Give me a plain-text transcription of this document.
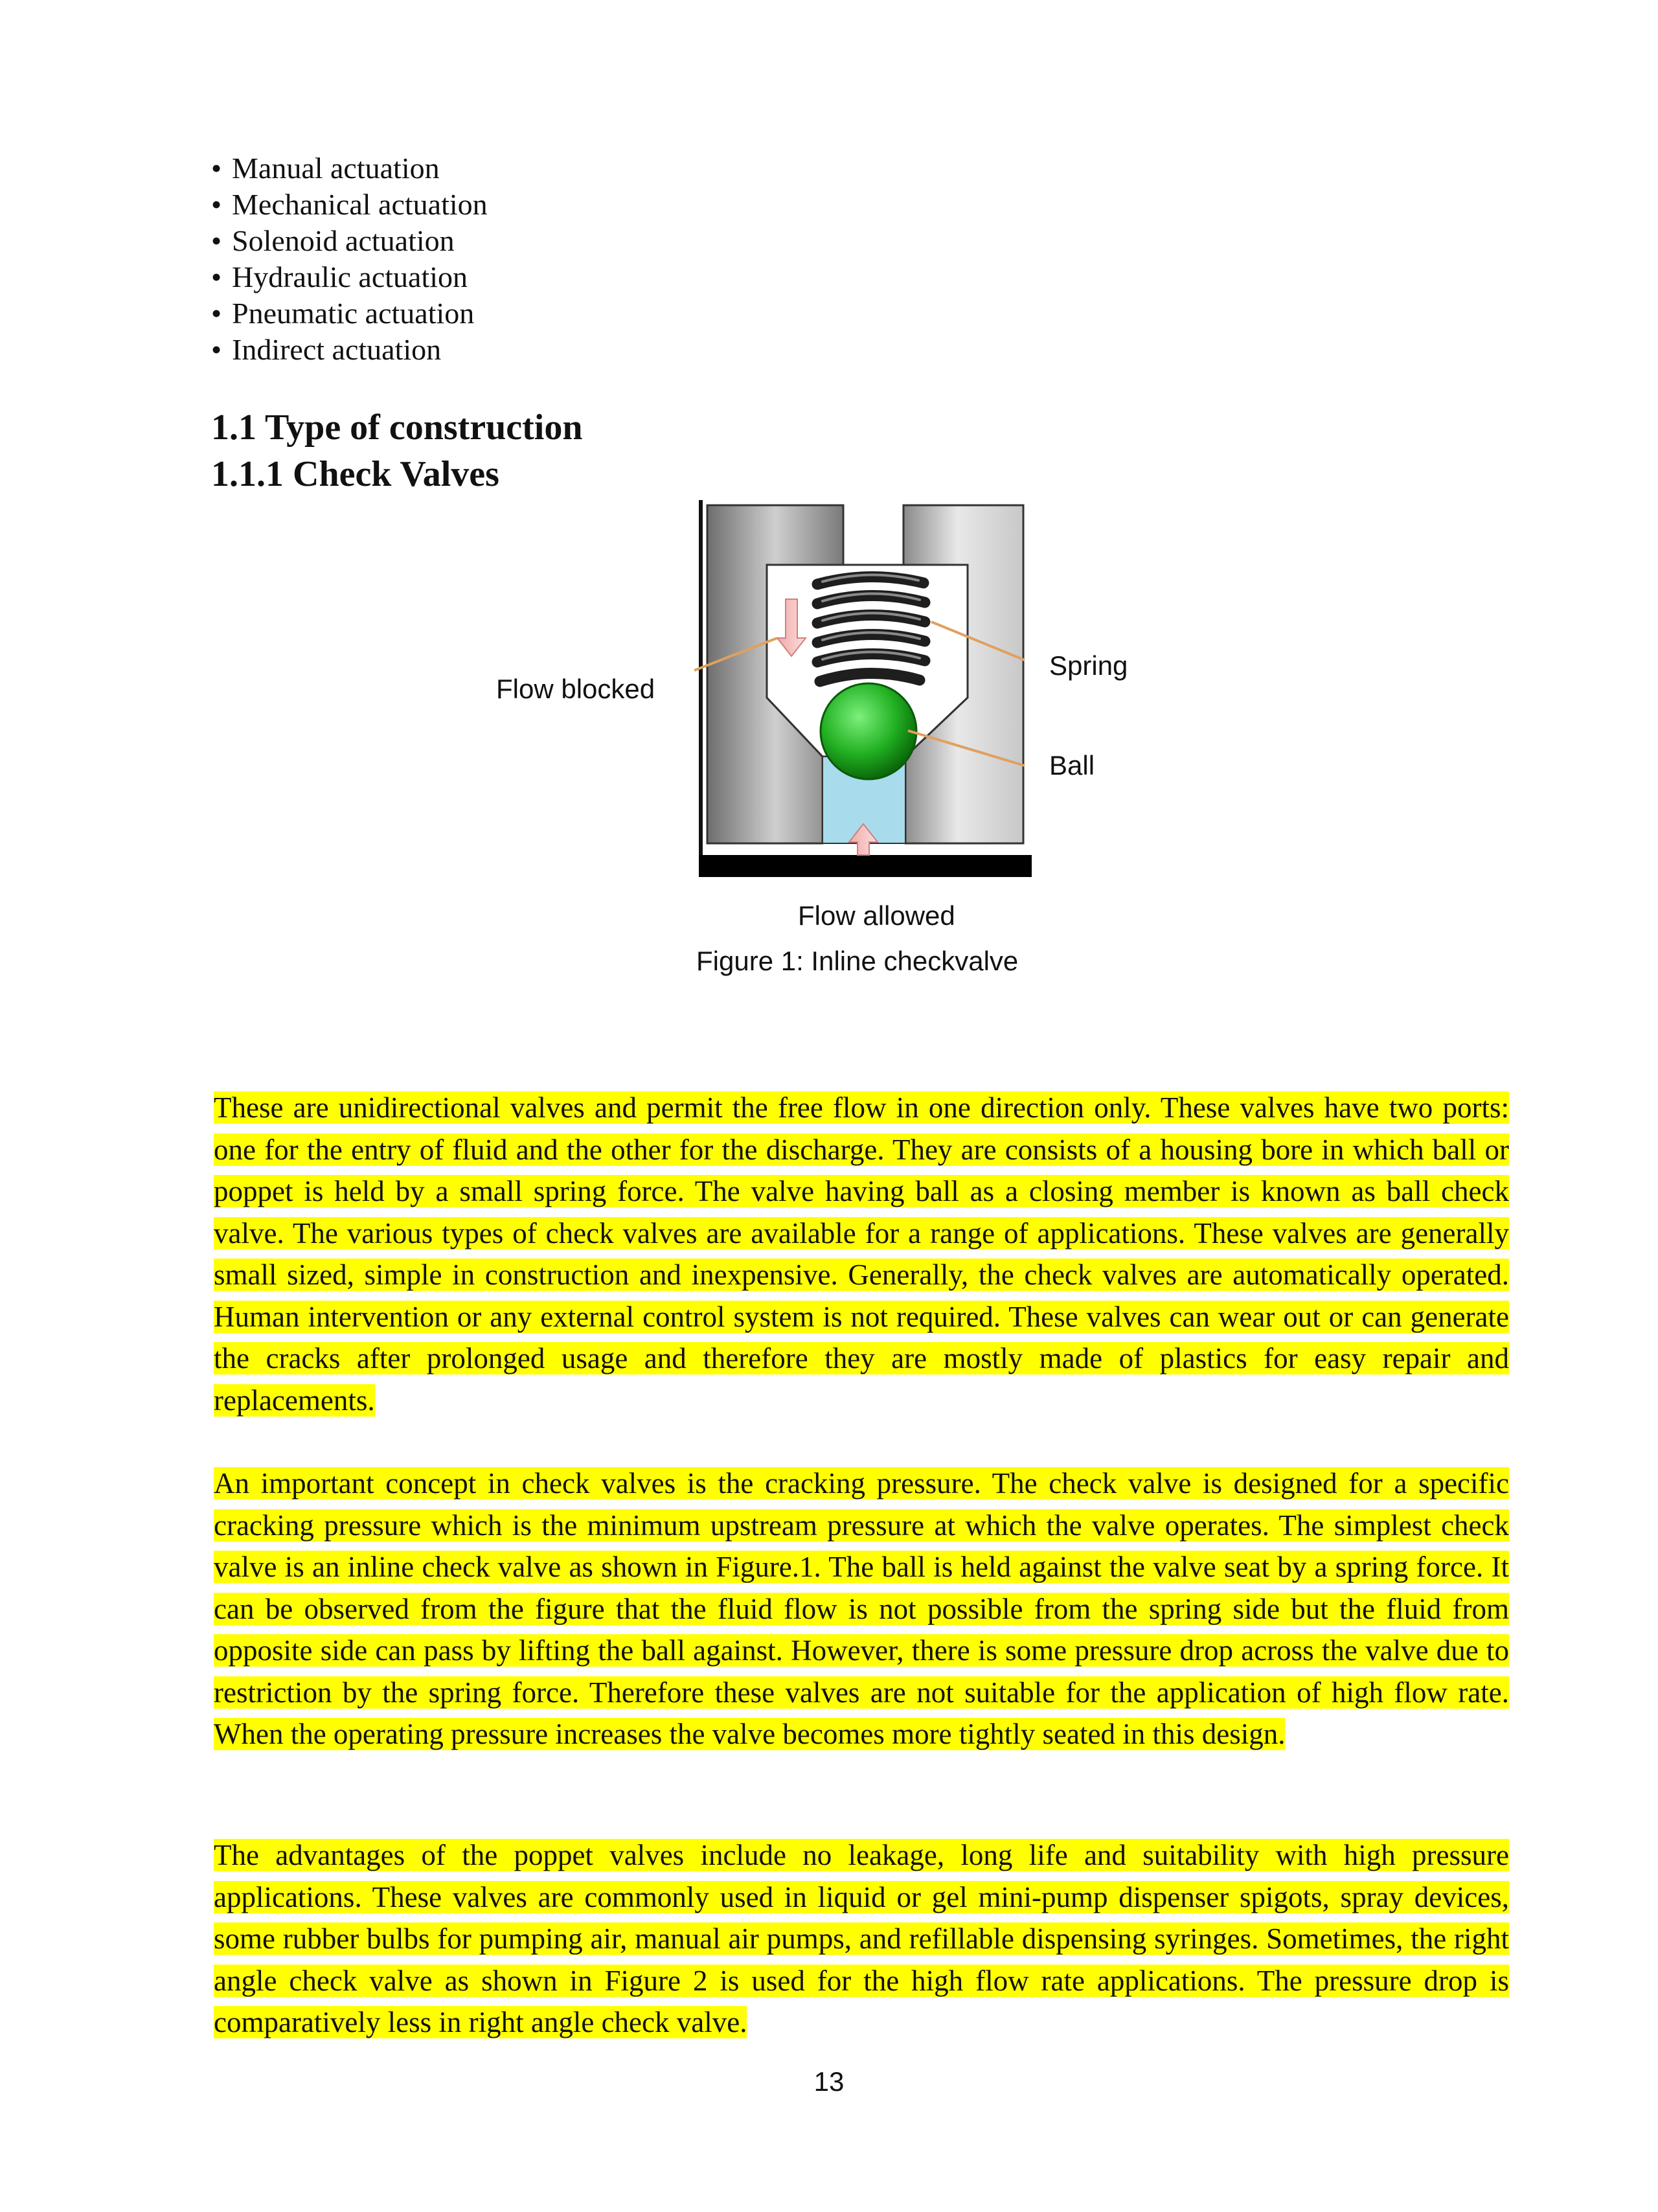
• Manual actuation
• Mechanical actuation
• Solenoid actuation
• Hydraulic actuation
• Pneumatic actuation
• Indirect actuation
1.1 Type of construction
1.1.1 Check Valves
Flow blocked
Spring
Ball
Flow allowed
Figure 1: Inline checkvalve

These are unidirectional valves and permit the free flow in one direction only. These valves have two ports: one for the entry of fluid and the other for the discharge. They are consists of a housing bore in which ball or poppet is held by a small spring force. The valve having ball as a closing member is known as ball check valve. The various types of check valves are available for a range of applications. These valves are generally small sized, simple in construction and inexpensive. Generally, the check valves are automatically operated. Human intervention or any external control system is not required. These valves can wear out or can generate the cracks after prolonged usage and therefore they are mostly made of plastics for easy repair and replacements.

An important concept in check valves is the cracking pressure. The check valve is designed for a specific cracking pressure which is the minimum upstream pressure at which the valve operates. The simplest check valve is an inline check valve as shown in Figure.1. The ball is held against the valve seat by a spring force. It can be observed from the figure that the fluid flow is not possible from the spring side but the fluid from opposite side can pass by lifting the ball against. However, there is some pressure drop across the valve due to restriction by the spring force. Therefore these valves are not suitable for the application of high flow rate. When the operating pressure increases the valve becomes more tightly seated in this design.

The advantages of the poppet valves include no leakage, long life and suitability with high pressure applications. These valves are commonly used in liquid or gel mini-pump dispenser spigots, spray devices, some rubber bulbs for pumping air, manual air pumps, and refillable dispensing syringes. Sometimes, the right angle check valve as shown in Figure 2 is used for the high flow rate applications. The pressure drop is comparatively less in right angle check valve.

13
